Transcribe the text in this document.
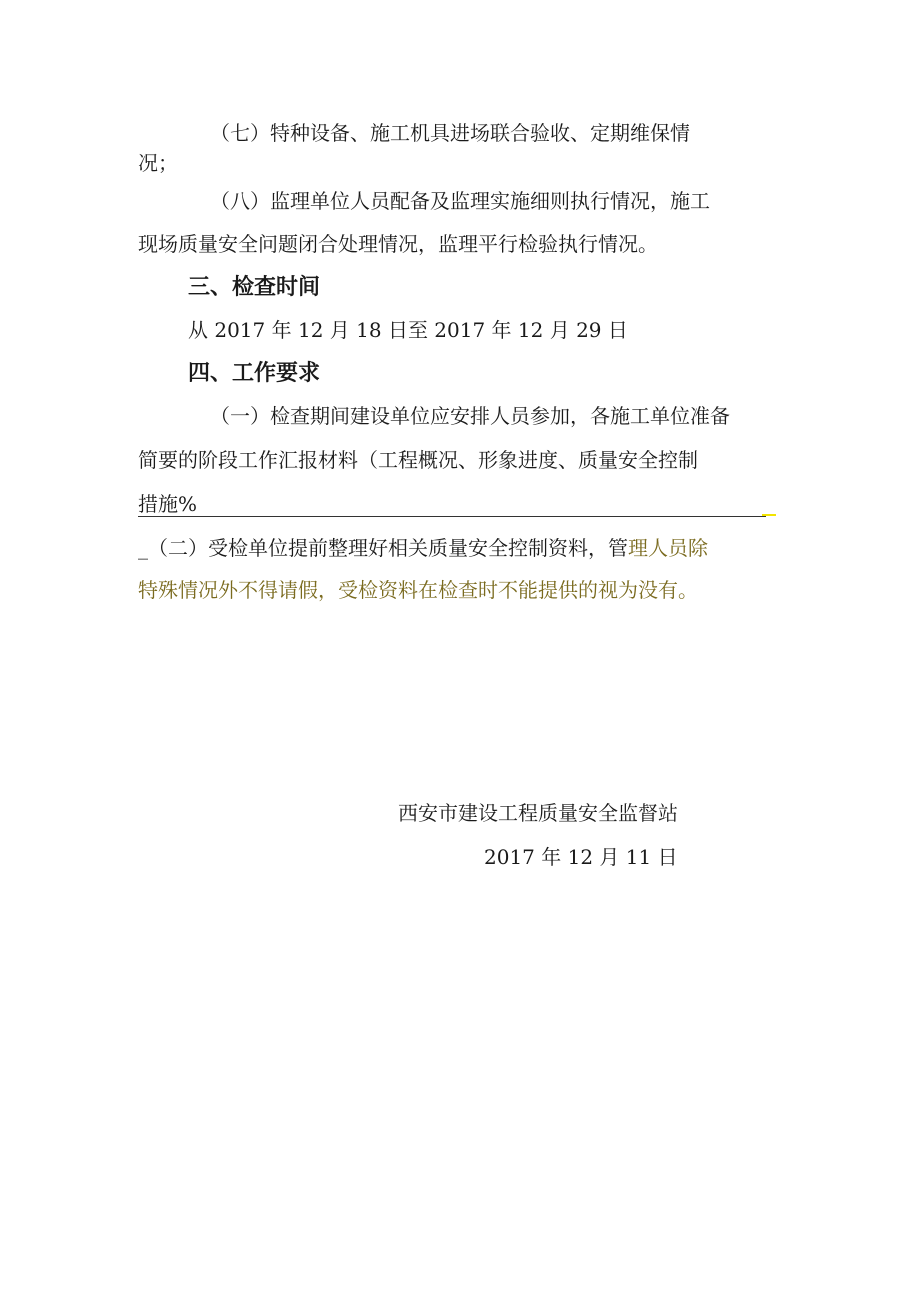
（七）特种设备、施工机具进场联合验收、定期维保情
况；
（八）监理单位人员配备及监理实施细则执行情况，施工
现场质量安全问题闭合处理情况，监理平行检验执行情况。
三、检查时间
从 2017 年 12 月 18 日至 2017 年 12 月 29 日
四、工作要求
（一）检查期间建设单位应安排人员参加，各施工单位准备
简要的阶段工作汇报材料（工程概况、形象进度、质量安全控制
措施%
_（二）受检单位提前整理好相关质量安全控制资料，管理人员除
特殊情况外不得请假，受检资料在检查时不能提供的视为没有。
西安市建设工程质量安全监督站
2017 年 12 月 11 日
